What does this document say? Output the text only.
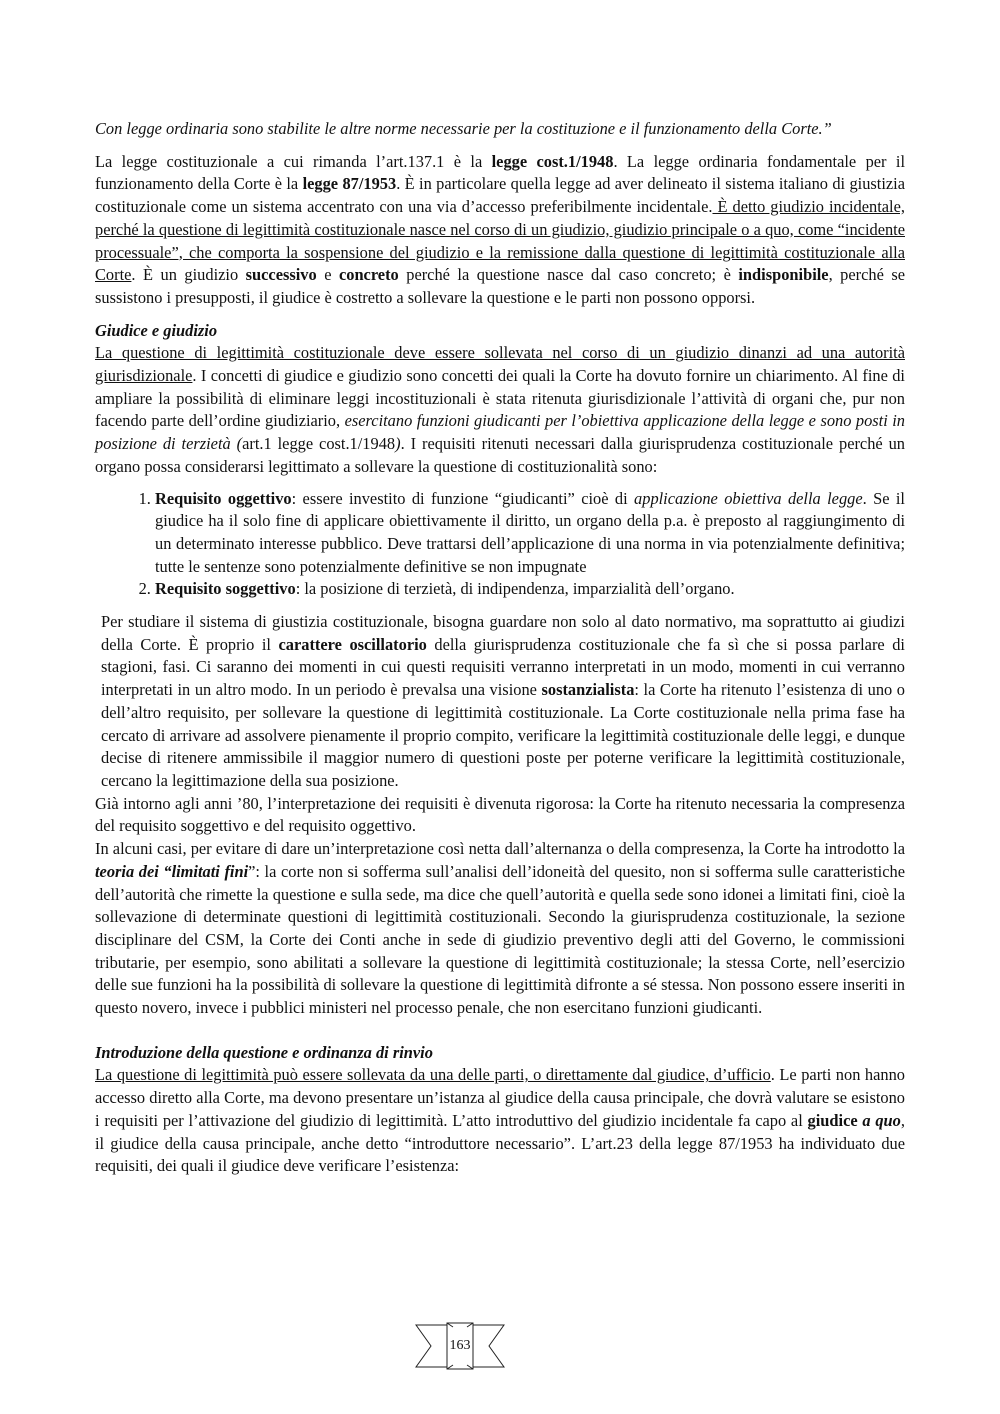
Con legge ordinaria sono stabilite le altre norme necessarie per la costituzione e il funzionamento della Corte.”

La legge costituzionale a cui rimanda l’art.137.1 è la legge cost.1/1948. La legge ordinaria fondamentale per il funzionamento della Corte è la legge 87/1953. È in particolare quella legge ad aver delineato il sistema italiano di giustizia costituzionale come un sistema accentrato con una via d’accesso preferibilmente incidentale. È detto giudizio incidentale, perché la questione di legittimità costituzionale nasce nel corso di un giudizio, giudizio principale o a quo, come “incidente processuale”, che comporta la sospensione del giudizio e la remissione dalla questione di legittimità costituzionale alla Corte. È un giudizio successivo e concreto perché la questione nasce dal caso concreto; è indisponibile, perché se sussistono i presupposti, il giudice è costretto a sollevare la questione e le parti non possono opporsi.

Giudice e giudizio

La questione di legittimità costituzionale deve essere sollevata nel corso di un giudizio dinanzi ad una autorità giurisdizionale. I concetti di giudice e giudizio sono concetti dei quali la Corte ha dovuto fornire un chiarimento. Al fine di ampliare la possibilità di eliminare leggi incostituzionali è stata ritenuta giurisdizionale l’attività di organi che, pur non facendo parte dell’ordine giudiziario, esercitano funzioni giudicanti per l’obiettiva applicazione della legge e sono posti in posizione di terzietà (art.1 legge cost.1/1948). I requisiti ritenuti necessari dalla giurisprudenza costituzionale perché un organo possa considerarsi legittimato a sollevare la questione di costituzionalità sono:

1. Requisito oggettivo: essere investito di funzione “giudicanti” cioè di applicazione obiettiva della legge. Se il giudice ha il solo fine di applicare obiettivamente il diritto, un organo della p.a. è preposto al raggiungimento di un determinato interesse pubblico. Deve trattarsi dell’applicazione di una norma in via potenzialmente definitiva; tutte le sentenze sono potenzialmente definitive se non impugnate
2. Requisito soggettivo: la posizione di terzietà, di indipendenza, imparzialità dell’organo.

Per studiare il sistema di giustizia costituzionale, bisogna guardare non solo al dato normativo, ma soprattutto ai giudizi della Corte. È proprio il carattere oscillatorio della giurisprudenza costituzionale che fa sì che si possa parlare di stagioni, fasi. Ci saranno dei momenti in cui questi requisiti verranno interpretati in un modo, momenti in cui verranno interpretati in un altro modo. In un periodo è prevalsa una visione sostanzialista: la Corte ha ritenuto l’esistenza di uno o dell’altro requisito, per sollevare la questione di legittimità costituzionale. La Corte costituzionale nella prima fase ha cercato di arrivare ad assolvere pienamente il proprio compito, verificare la legittimità costituzionale delle leggi, e dunque decise di ritenere ammissibile il maggior numero di questioni poste per poterne verificare la legittimità costituzionale, cercano la legittimazione della sua posizione.

Già intorno agli anni ’80, l’interpretazione dei requisiti è divenuta rigorosa: la Corte ha ritenuto necessaria la compresenza del requisito soggettivo e del requisito oggettivo.

In alcuni casi, per evitare di dare un’interpretazione così netta dall’alternanza o della compresenza, la Corte ha introdotto la teoria dei “limitati fini”: la corte non si sofferma sull’analisi dell’idoneità del quesito, non si sofferma sulle caratteristiche dell’autorità che rimette la questione e sulla sede, ma dice che quell’autorità e quella sede sono idonei a limitati fini, cioè la sollevazione di determinate questioni di legittimità costituzionali. Secondo la giurisprudenza costituzionale, la sezione disciplinare del CSM, la Corte dei Conti anche in sede di giudizio preventivo degli atti del Governo, le commissioni tributarie, per esempio, sono abilitati a sollevare la questione di legittimità costituzionale; la stessa Corte, nell’esercizio delle sue funzioni ha la possibilità di sollevare la questione di legittimità difronte a sé stessa. Non possono essere inseriti in questo novero, invece i pubblici ministeri nel processo penale, che non esercitano funzioni giudicanti.

Introduzione della questione e ordinanza di rinvio

La questione di legittimità può essere sollevata da una delle parti, o direttamente dal giudice, d’ufficio. Le parti non hanno accesso diretto alla Corte, ma devono presentare un’istanza al giudice della causa principale, che dovrà valutare se esistono i requisiti per l’attivazione del giudizio di legittimità. L’atto introduttivo del giudizio incidentale fa capo al giudice a quo, il giudice della causa principale, anche detto “introduttore necessario”. L’art.23 della legge 87/1953 ha individuato due requisiti, dei quali il giudice deve verificare l’esistenza:

163
